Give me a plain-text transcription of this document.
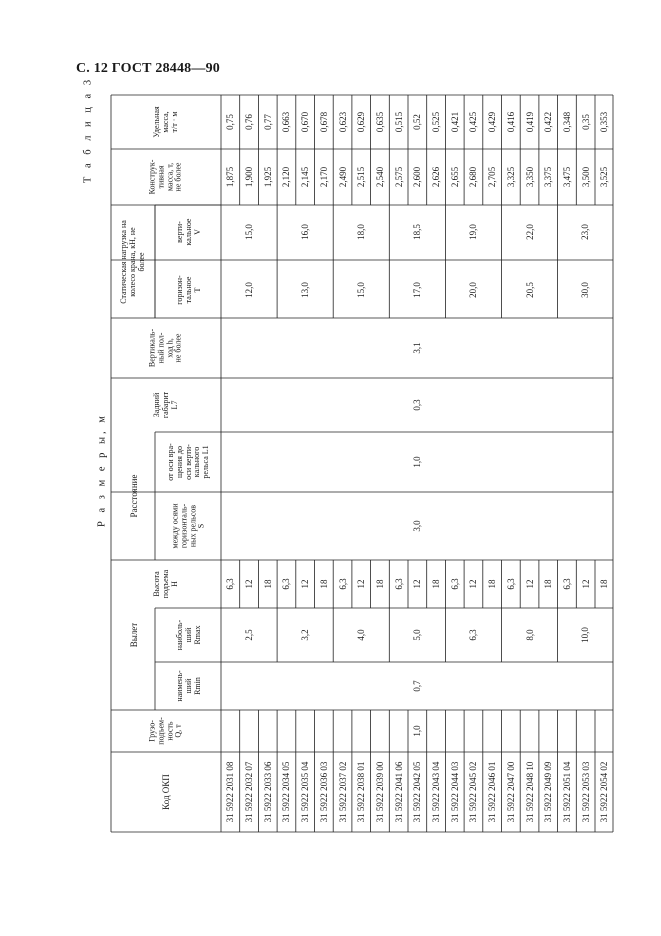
С. 12 ГОСТ 28448—90
Т а б л и ц а 3
Р а з м е р ы, м
Код ОКП
Грузо-
подъем-
ность
Q, т
Вылет
наимень-
ший
Rmin
наиболь-
ший
Rmax
Высота
подъема
H
Расстояние
между осями
горизонталь-
ных рельсов
S
от оси вра-
щения до
оси верти-
кального
рельса L1
Задний
габарит
L7
Вертикаль-
ный пол-
ход h,
не более
Статическая нагрузка на
колесо крана, кН, не
более
горизон-
тальное
T
верти-
кальное
V
Конструк-
тивная
масса, т,
не более
Удельная
масса,
т/т · м
1,0
0,7
3,0
1,0
0,3
3,1
31 5922 2031 08
6,3
1,875
0,75
31 5922 2032 07
12
1,900
0,76
31 5922 2033 06
18
1,925
0,77
31 5922 2034 05
6,3
2,120
0,663
31 5922 2035 04
12
2,145
0,670
31 5922 2036 03
18
2,170
0,678
31 5922 2037 02
6,3
2,490
0,623
31 5922 2038 01
12
2,515
0,629
31 5922 2039 00
18
2,540
0,635
31 5922 2041 06
6,3
2,575
0,515
31 5922 2042 05
12
2,600
0,52
31 5922 2043 04
18
2,626
0,525
31 5922 2044 03
6,3
2,655
0,421
31 5922 2045 02
12
2,680
0,425
31 5922 2046 01
18
2,705
0,429
31 5922 2047 00
6,3
3,325
0,416
31 5922 2048 10
12
3,350
0,419
31 5922 2049 09
18
3,375
0,422
31 5922 2051 04
6,3
3,475
0,348
31 5922 2053 03
12
3,500
0,35
31 5922 2054 02
18
3,525
0,353
2,5
12,0
15,0
3,2
13,0
16,0
4,0
15,0
18,0
5,0
17,0
18,5
6,3
20,0
19,0
8,0
20,5
22,0
10,0
30,0
23,0
